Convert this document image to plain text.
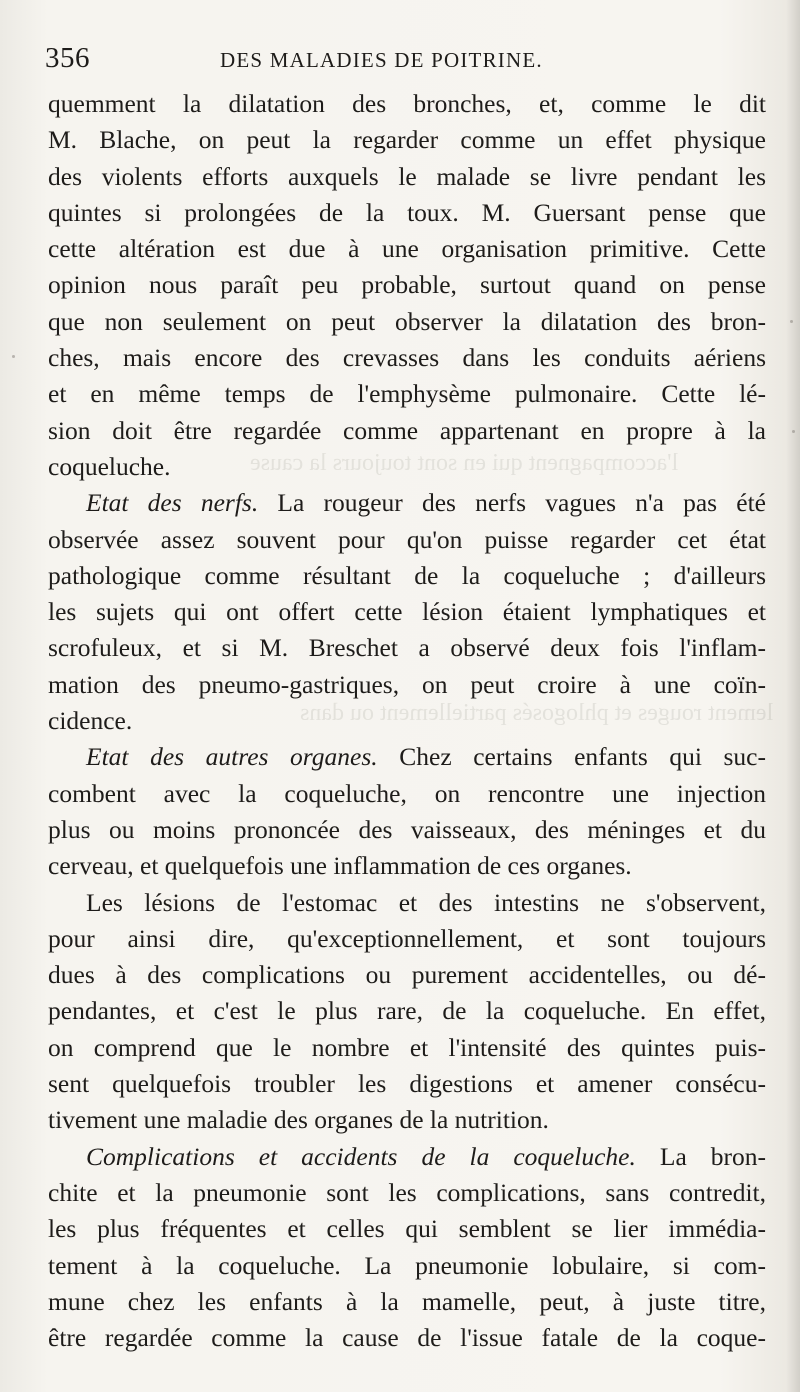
l'accompagnent qui en sont toujours la cause
lement rouges et phlogosés partiellement ou dans
356	DES MALADIES DE POITRINE.
quemment la dilatation des bronches, et, comme le dit
M. Blache, on peut la regarder comme un effet physique
des violents efforts auxquels le malade se livre pendant les
quintes si prolongées de la toux. M. Guersant pense que
cette altération est due à une organisation primitive. Cette
opinion nous paraît peu probable, surtout quand on pense
que non seulement on peut observer la dilatation des bron-
ches, mais encore des crevasses dans les conduits aériens
et en même temps de l'emphysème pulmonaire. Cette lé-
sion doit être regardée comme appartenant en propre à la
coqueluche.
Etat des nerfs. La rougeur des nerfs vagues n'a pas été
observée assez souvent pour qu'on puisse regarder cet état
pathologique comme résultant de la coqueluche ; d'ailleurs
les sujets qui ont offert cette lésion étaient lymphatiques et
scrofuleux, et si M. Breschet a observé deux fois l'inflam-
mation des pneumo-gastriques, on peut croire à une coïn-
cidence.
Etat des autres organes. Chez certains enfants qui suc-
combent avec la coqueluche, on rencontre une injection
plus ou moins prononcée des vaisseaux, des méninges et du
cerveau, et quelquefois une inflammation de ces organes.
Les lésions de l'estomac et des intestins ne s'observent,
pour ainsi dire, qu'exceptionnellement, et sont toujours
dues à des complications ou purement accidentelles, ou dé-
pendantes, et c'est le plus rare, de la coqueluche. En effet,
on comprend que le nombre et l'intensité des quintes puis-
sent quelquefois troubler les digestions et amener consécu-
tivement une maladie des organes de la nutrition.
Complications et accidents de la coqueluche. La bron-
chite et la pneumonie sont les complications, sans contredit,
les plus fréquentes et celles qui semblent se lier immédia-
tement à la coqueluche. La pneumonie lobulaire, si com-
mune chez les enfants à la mamelle, peut, à juste titre,
être regardée comme la cause de l'issue fatale de la coque-
